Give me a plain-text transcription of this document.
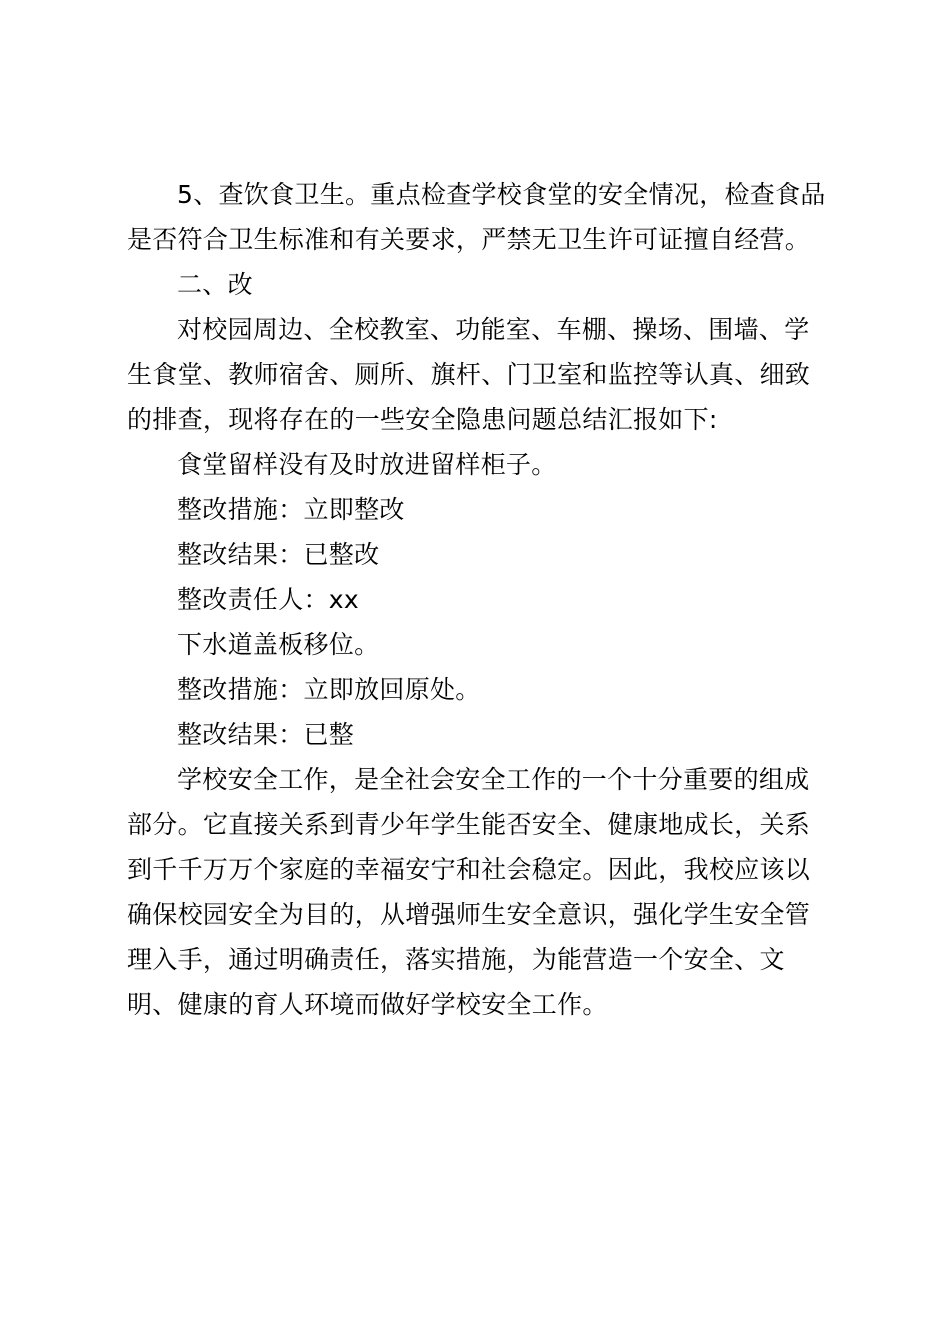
5、查饮食卫生。重点检查学校食堂的安全情况，检查食品是否符合卫生标准和有关要求，严禁无卫生许可证擅自经营。

二、改

对校园周边、全校教室、功能室、车棚、操场、围墙、学生食堂、教师宿舍、厕所、旗杆、门卫室和监控等认真、细致的排查，现将存在的一些安全隐患问题总结汇报如下:

食堂留样没有及时放进留样柜子。

整改措施：立即整改

整改结果：已整改

整改责任人：xx

下水道盖板移位。

整改措施：立即放回原处。

整改结果：已整

学校安全工作，是全社会安全工作的一个十分重要的组成部分。它直接关系到青少年学生能否安全、健康地成长，关系到千千万万个家庭的幸福安宁和社会稳定。因此，我校应该以确保校园安全为目的，从增强师生安全意识，强化学生安全管理入手，通过明确责任，落实措施，为能营造一个安全、文明、健康的育人环境而做好学校安全工作。
